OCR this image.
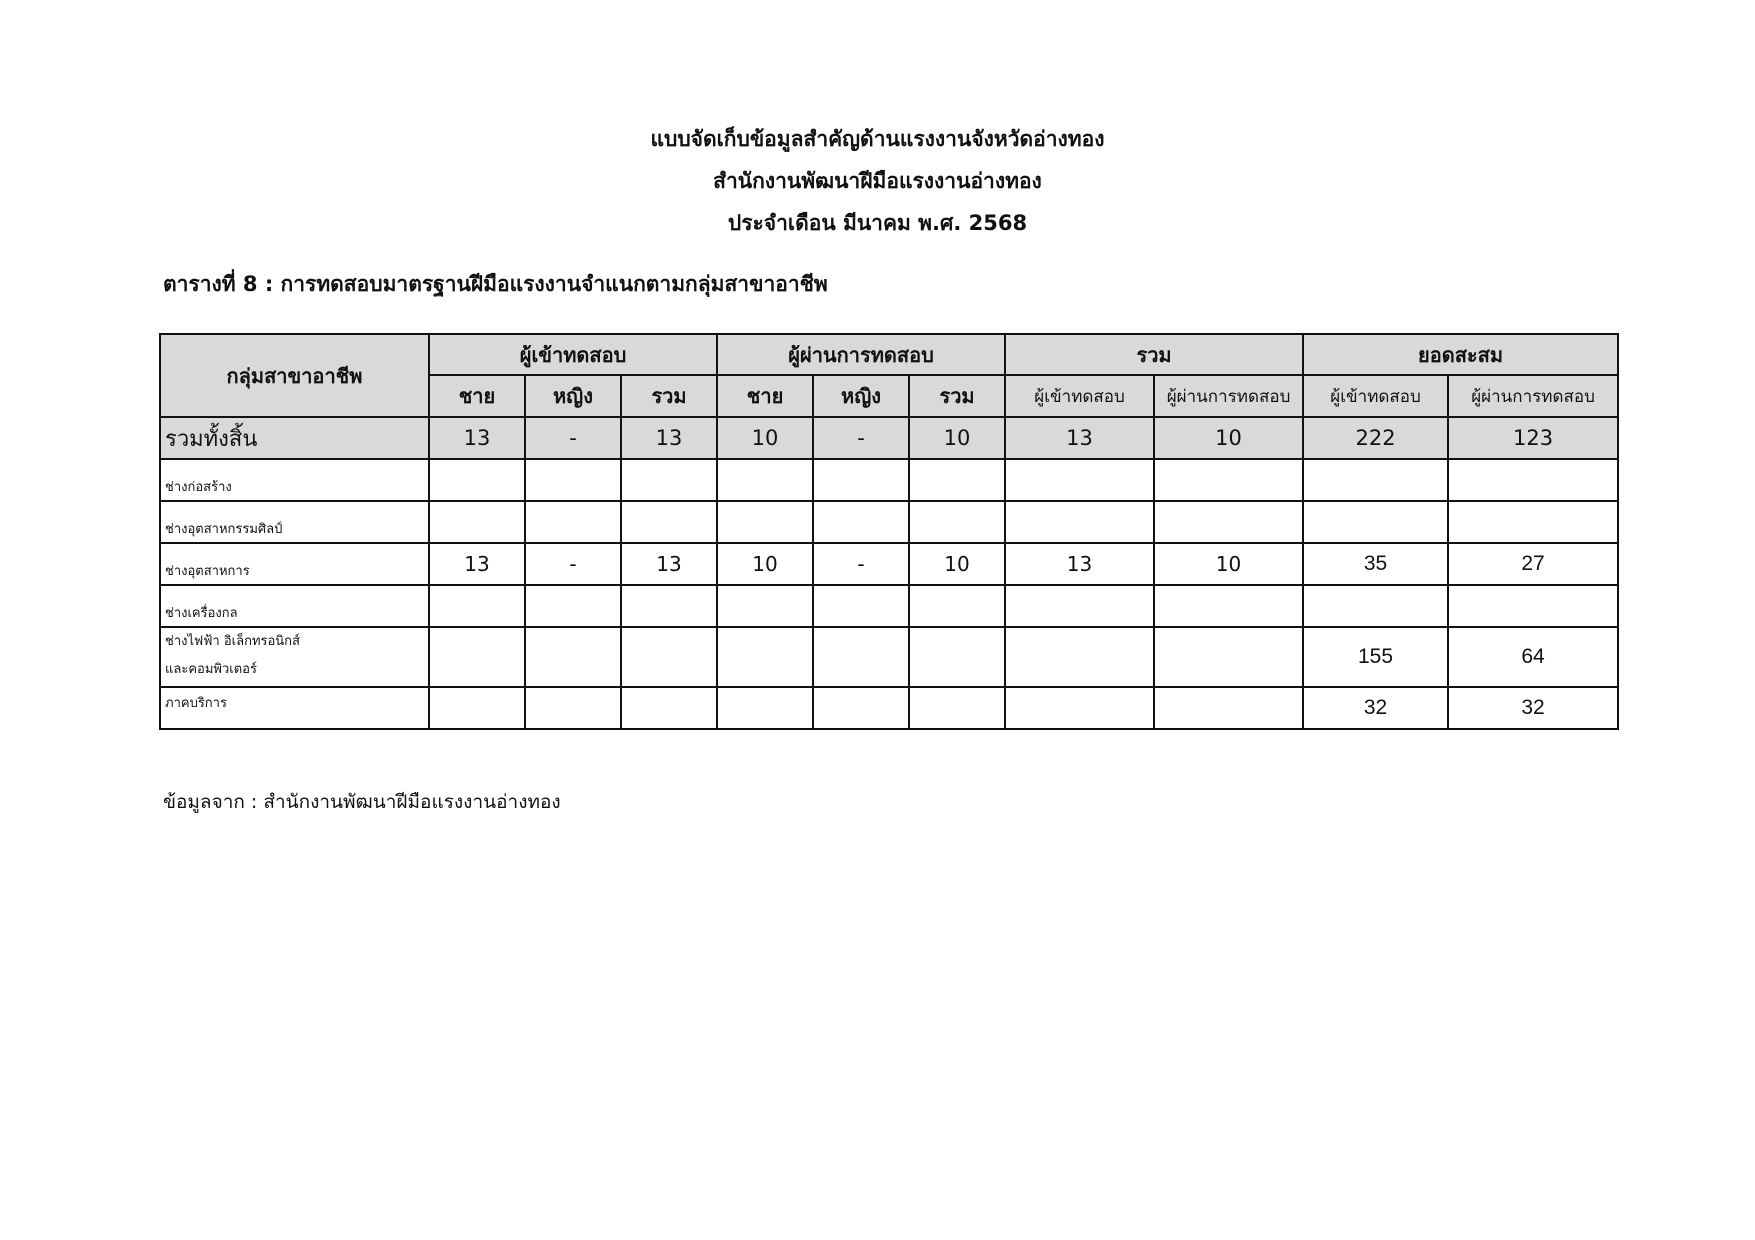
แบบจัดเก็บข้อมูลสำคัญด้านแรงงานจังหวัดอ่างทอง
สำนักงานพัฒนาฝีมือแรงงานอ่างทอง
ประจำเดือน มีนาคม พ.ศ. 2568
ตารางที่ 8 : การทดสอบมาตรฐานฝีมือแรงงานจำแนกตามกลุ่มสาขาอาชีพ
กลุ่มสาขาอาชีพ	ผู้เข้าทดสอบ			ผู้ผ่านการทดสอบ			รวม		ยอดสะสม	
	ชาย	หญิง	รวม	ชาย	หญิง	รวม	ผู้เข้าทดสอบ	ผู้ผ่านการทดสอบ	ผู้เข้าทดสอบ	ผู้ผ่านการทดสอบ
รวมทั้งสิ้น	13	-	13	10	-	10	13	10	222	123
ช่างก่อสร้าง										
ช่างอุตสาหกรรมศิลป์										
ช่างอุตสาหการ	13	-	13	10	-	10	13	10	35	27
ช่างเครื่องกล										

ช่างไฟฟ้า อิเล็กทรอนิกส์
และคอมพิวเตอร์									155	64
ภาคบริการ									32	32
ข้อมูลจาก : สำนักงานพัฒนาฝีมือแรงงานอ่างทอง
